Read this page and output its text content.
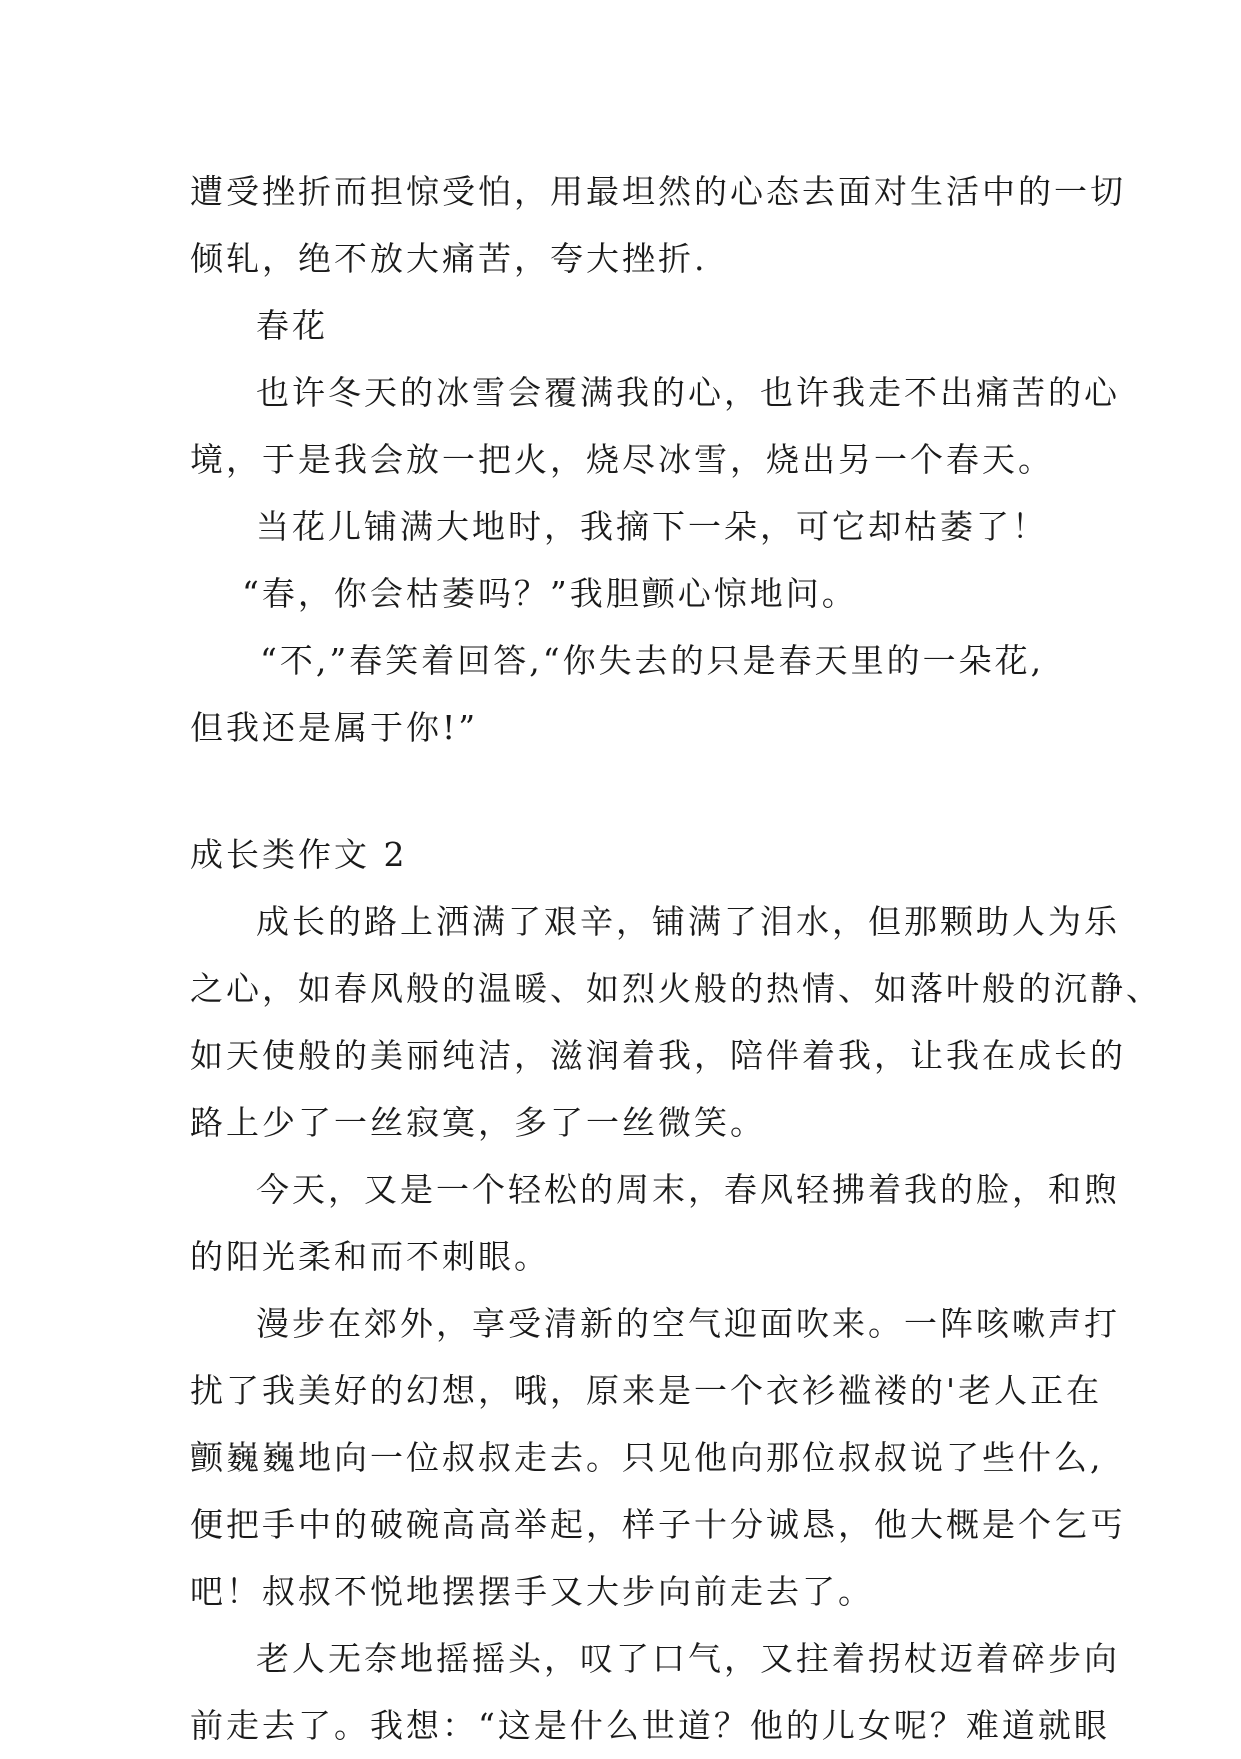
遭受挫折而担惊受怕，用最坦然的心态去面对生活中的一切
倾轧，绝不放大痛苦，夸大挫折.
春花
也许冬天的冰雪会覆满我的心，也许我走不出痛苦的心
境，于是我会放一把火，烧尽冰雪，烧出另一个春天。
当花儿铺满大地时，我摘下一朵，可它却枯萎了！
“春，你会枯萎吗？”我胆颤心惊地问。
“不,”春笑着回答,“你失去的只是春天里的一朵花,
但我还是属于你!”
成长类作文 2
成长的路上洒满了艰辛，铺满了泪水，但那颗助人为乐
之心，如春风般的温暖、如烈火般的热情、如落叶般的沉静、
如天使般的美丽纯洁，滋润着我，陪伴着我，让我在成长的
路上少了一丝寂寞，多了一丝微笑。
今天，又是一个轻松的周末，春风轻拂着我的脸，和煦
的阳光柔和而不刺眼。
漫步在郊外，享受清新的空气迎面吹来。一阵咳嗽声打
扰了我美好的幻想，哦，原来是一个衣衫褴褛的'老人正在
颤巍巍地向一位叔叔走去。只见他向那位叔叔说了些什么,
便把手中的破碗高高举起，样子十分诚恳，他大概是个乞丐
吧！叔叔不悦地摆摆手又大步向前走去了。
老人无奈地摇摇头，叹了口气，又拄着拐杖迈着碎步向
前走去了。我想：“这是什么世道？他的儿女呢？难道就眼
